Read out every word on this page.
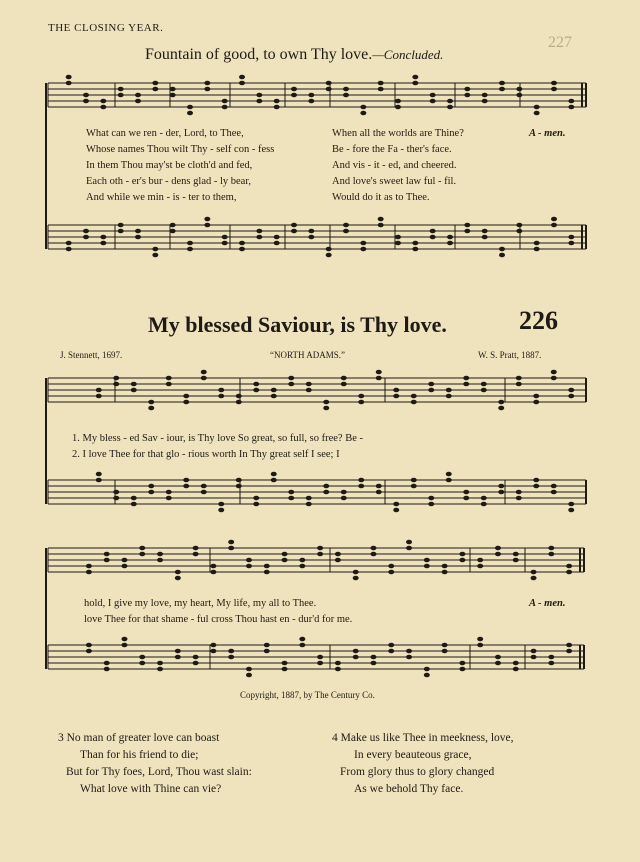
THE CLOSING YEAR.
227
Fountain of good, to own Thy love.—Concluded.
What can we ren - der, Lord, to Thee,
Whose names Thou wilt Thy - self con - fess
In them Thou may'st be cloth'd and fed,
Each oth - er's bur - dens glad - ly bear,
And while we min - is - ter to them,
When all the worlds are Thine?
Be - fore the Fa - ther's face.
And vis - it - ed, and cheered.
And love's sweet law ful - fil.
Would do it as to Thee.
A - men.
My blessed Saviour, is Thy love.	226
J. Stennett, 1697.	“NORTH ADAMS.”	W. S. Pratt, 1887.
1. My bless - ed Sav - iour, is Thy love So great, so full, so free? Be -
2. I love Thee for that glo - rious worth In Thy great self I see; I
hold, I give my love, my heart, My life, my all to Thee.	A - men.
love Thee for that shame - ful cross Thou hast en - dur'd for me.
Copyright, 1887, by The Century Co.
3 No man of greater love can boast
Than for his friend to die;
But for Thy foes, Lord, Thou wast slain:
What love with Thine can vie?
4 Make us like Thee in meekness, love,
In every beauteous grace,
From glory thus to glory changed
As we behold Thy face.
